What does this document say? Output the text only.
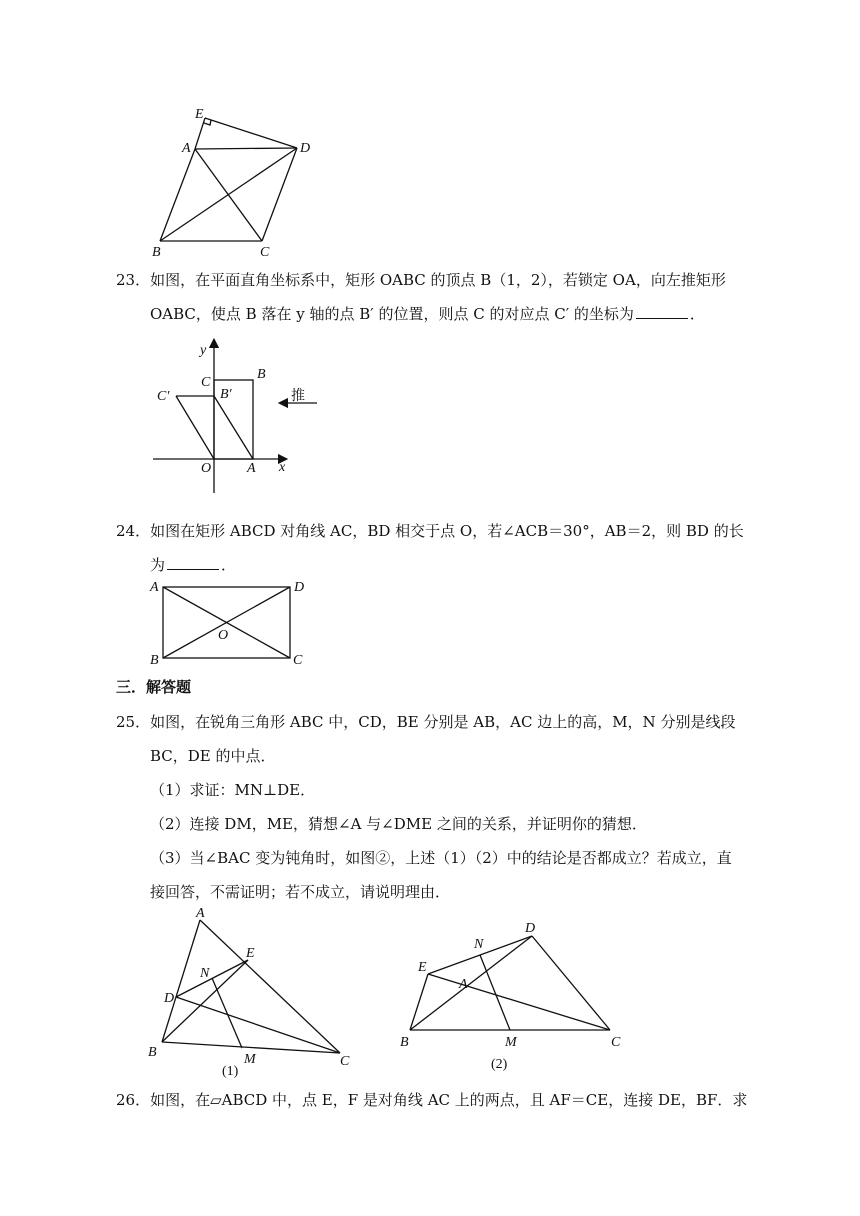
E
A	D
B	C
23．如图，在平面直角坐标系中，矩形 OABC 的顶点 B（1，2），若锁定 OA，向左推矩形
OABC，使点 B 落在 y 轴的点 B′ 的位置，则点 C 的对应点 C′ 的坐标为	．
y
C
B
B′
C′
O	A x
推
24．如图在矩形 ABCD 对角线 AC，BD 相交于点 O，若∠ACB＝30°，AB＝2，则 BD 的长
为	．
A	D
O
B	C
三．解答题
25．如图，在锐角三角形 ABC 中，CD，BE 分别是 AB，AC 边上的高，M，N 分别是线段
BC，DE 的中点．
（1）求证：MN⊥DE．
（2）连接 DM，ME，猜想∠A 与∠DME 之间的关系，并证明你的猜想．
（3）当∠BAC 变为钝角时，如图②，上述（1）（2）中的结论是否都成立？若成立，直
接回答，不需证明；若不成立，请说明理由．
A
E
N
D
B	M	C
(1)
D
N
E
A
B	M	C
(2)
26．如图，在▱ABCD 中，点 E，F 是对角线 AC 上的两点，且 AF＝CE，连接 DE，BF．求
